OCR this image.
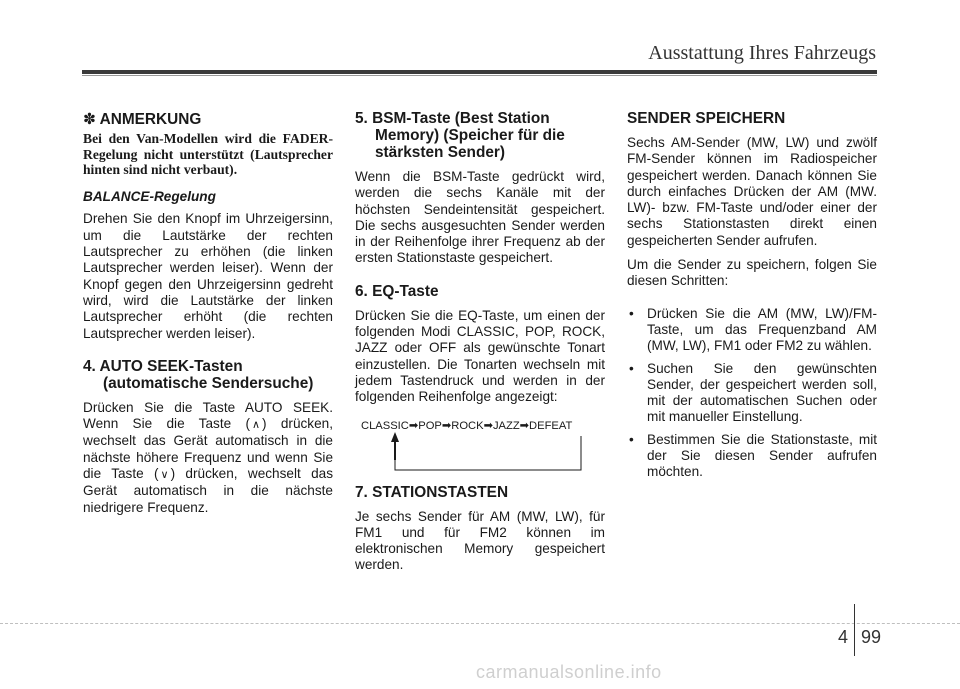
Ausstattung Ihres Fahrzeugs
✽ ANMERKUNG
Bei den Van-Modellen wird die FADER-Regelung nicht unterstützt (Lautsprecher hinten sind nicht verbaut).
BALANCE-Regelung

Drehen Sie den Knopf im Uhrzeigersinn, um die Lautstärke der rechten Lautsprecher zu erhöhen (die linken Lautsprecher werden leiser). Wenn der Knopf gegen den Uhrzeigersinn gedreht wird, wird die Lautstärke der linken Lautsprecher erhöht (die rechten Lautsprecher werden leiser).

4. AUTO SEEK-Tasten (automatische Sendersuche)

Drücken Sie die Taste AUTO SEEK. Wenn Sie die Taste ( ∧ ) drücken, wechselt das Gerät automatisch in die nächste höhere Frequenz und wenn Sie die Taste ( ∨ ) drücken, wechselt das Gerät automatisch in die nächste niedrigere Frequenz.

5. BSM-Taste (Best Station Memory) (Speicher für die stärksten Sender)

Wenn die BSM-Taste gedrückt wird, werden die sechs Kanäle mit der höchsten Sendeintensität gespeichert. Die sechs ausgesuchten Sender werden in der Reihenfolge ihrer Frequenz ab der ersten Stationstaste gespeichert.

6. EQ-Taste

Drücken Sie die EQ-Taste, um einen der folgenden Modi CLASSIC, POP, ROCK, JAZZ oder OFF als gewünschte Tonart einzustellen. Die Tonarten wechseln mit jedem Tastendruck und werden in der folgenden Reihenfolge angezeigt:

CLASSIC➡POP➡ROCK➡JAZZ➡DEFEAT
7. STATIONSTASTEN

Je sechs Sender für AM (MW, LW), für FM1 und für FM2 können im elektronischen Memory gespeichert werden.

SENDER SPEICHERN

Sechs AM-Sender (MW, LW) und zwölf FM-Sender können im Radiospeicher gespeichert werden. Danach können Sie durch einfaches Drücken der AM (MW. LW)- bzw. FM-Taste und/oder einer der sechs Stationstasten direkt einen gespeicherten Sender aufrufen.

Um die Sender zu speichern, folgen Sie diesen Schritten:

• Drücken Sie die AM (MW, LW)/FM-Taste, um das Frequenzband AM (MW, LW), FM1 oder FM2 zu wählen.
• Suchen Sie den gewünschten Sender, der gespeichert werden soll, mit der automatischen Suchen oder mit manueller Einstellung.
• Bestimmen Sie die Stationstaste, mit der Sie diesen Sender aufrufen möchten.
4 99
carmanualsonline.info
